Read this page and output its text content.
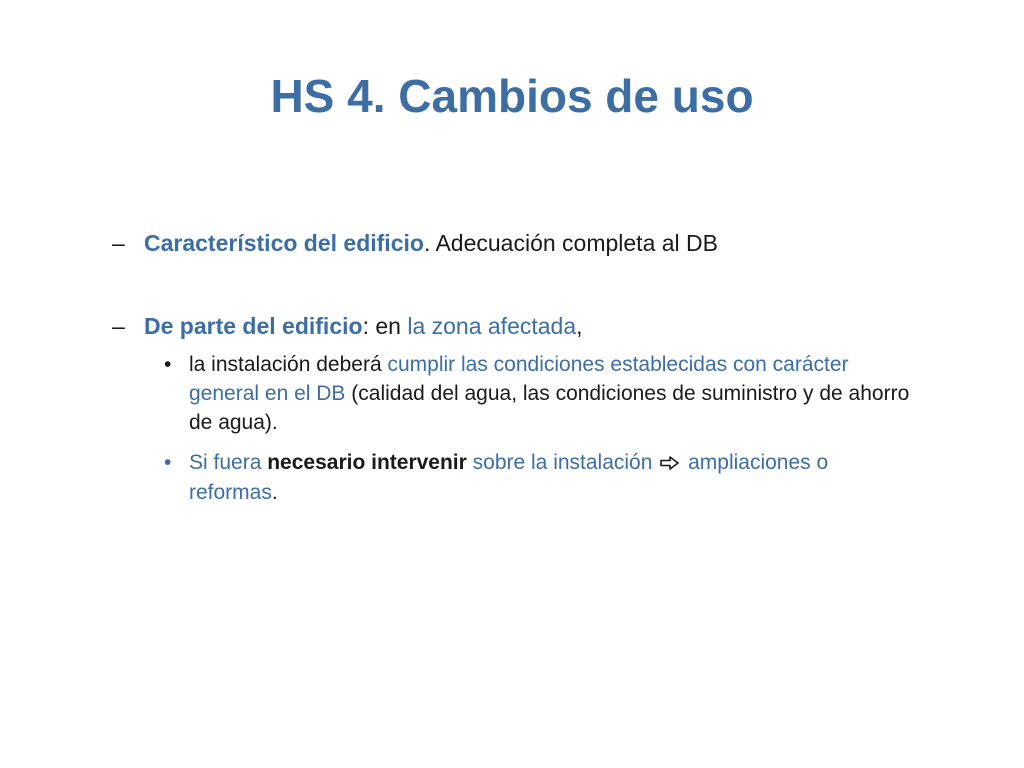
HS 4. Cambios de uso
– Característico del edificio. Adecuación completa al DB
– De parte del edificio: en la zona afectada,
• la instalación deberá cumplir las condiciones establecidas con carácter general en el DB (calidad del agua, las condiciones de suministro y de ahorro de agua).
• Si fuera necesario intervenir sobre la instalación  ampliaciones o reformas.
